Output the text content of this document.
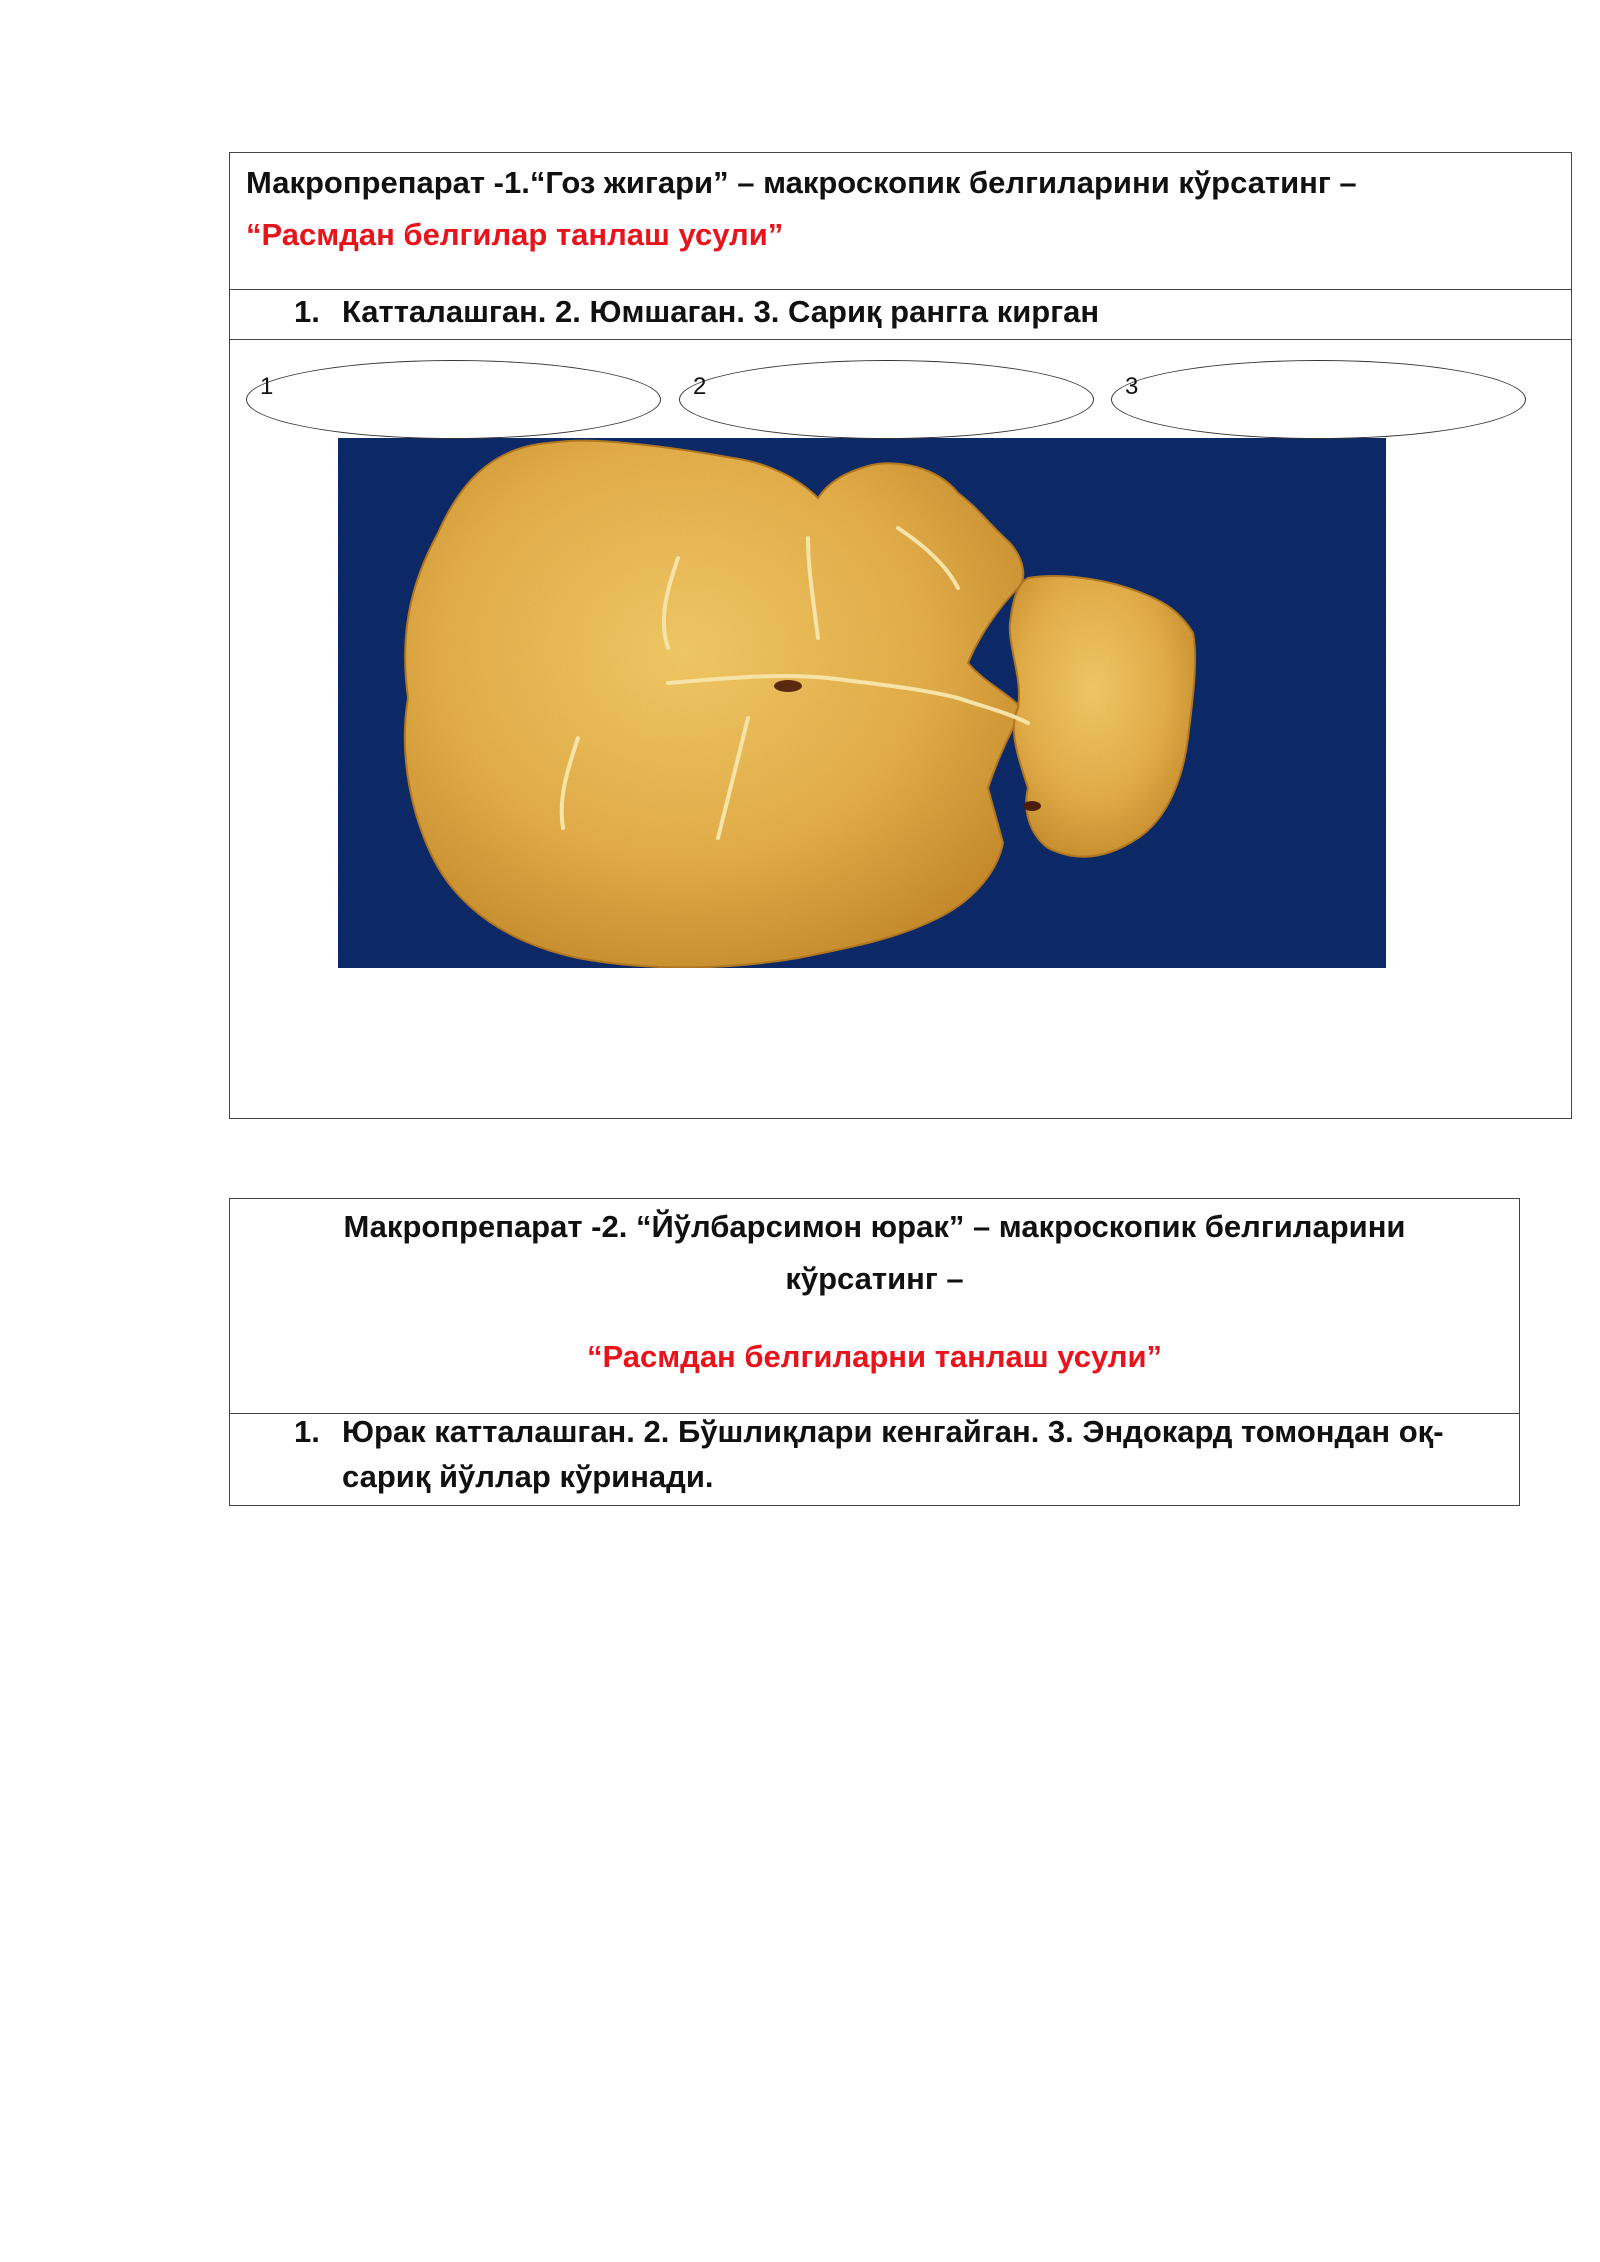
Макропрепарат -1.“Гоз жигари” – макроскопик белгиларини кўрсатинг –
“Расмдан белгилар танлаш усули”
1. Катталашган. 2. Юмшаган. 3. Сариқ рангга кирган
1	2	3
Макропрепарат -2. “Йўлбарсимон юрак” – макроскопик белгиларини кўрсатинг –
“Расмдан белгиларни танлаш усули”
1. Юрак катталашган. 2. Бўшлиқлари кенгайган. 3. Эндокард томондан оқ-сариқ йўллар кўринади.
